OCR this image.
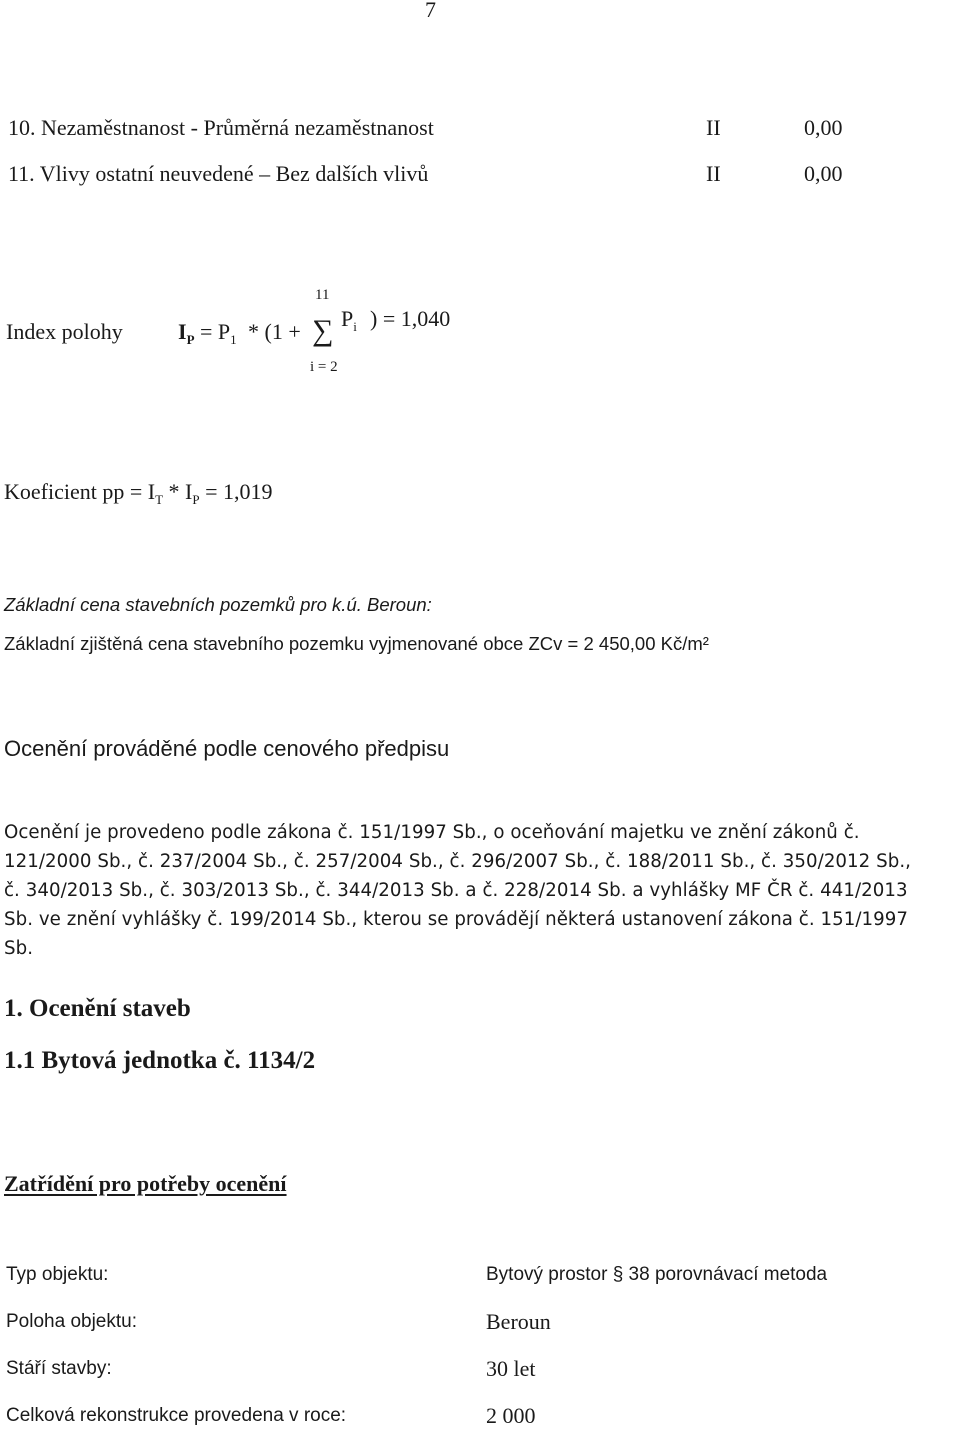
7
10. Nezaměstnanost - Průměrná nezaměstnanost	II	0,00
11. Vlivy ostatní neuvedené – Bez dalších vlivů	II	0,00
Index polohy	$I_P = P_1 * (1$ +
11
∑
i = 2
$P_i$ ) = 1,040
Koeficient pp = $I_T * I_P = 1,019$
Základní cena stavebních pozemků pro k.ú. Beroun:
Základní zjištěná cena stavebního pozemku vyjmenované obce ZCv = 2 450,00 Kč/m²
Ocenění prováděné podle cenového předpisu
Ocenění je provedeno podle zákona č. 151/1997 Sb., o oceňování majetku ve znění zákonů č.
121/2000 Sb., č. 237/2004 Sb., č. 257/2004 Sb., č. 296/2007 Sb., č. 188/2011 Sb., č. 350/2012 Sb.,
č. 340/2013 Sb., č. 303/2013 Sb., č. 344/2013 Sb. a č. 228/2014 Sb. a vyhlášky MF ČR č. 441/2013
Sb. ve znění vyhlášky č. 199/2014 Sb., kterou se provádějí některá ustanovení zákona č. 151/1997
Sb.
1. Ocenění staveb
1.1 Bytová jednotka č. 1134/2
Zatřídění pro potřeby ocenění
Typ objektu:	Bytový prostor § 38 porovnávací metoda
Poloha objektu:	Beroun
Stáří stavby:	30 let
Celková rekonstrukce provedena v roce:	2 000
